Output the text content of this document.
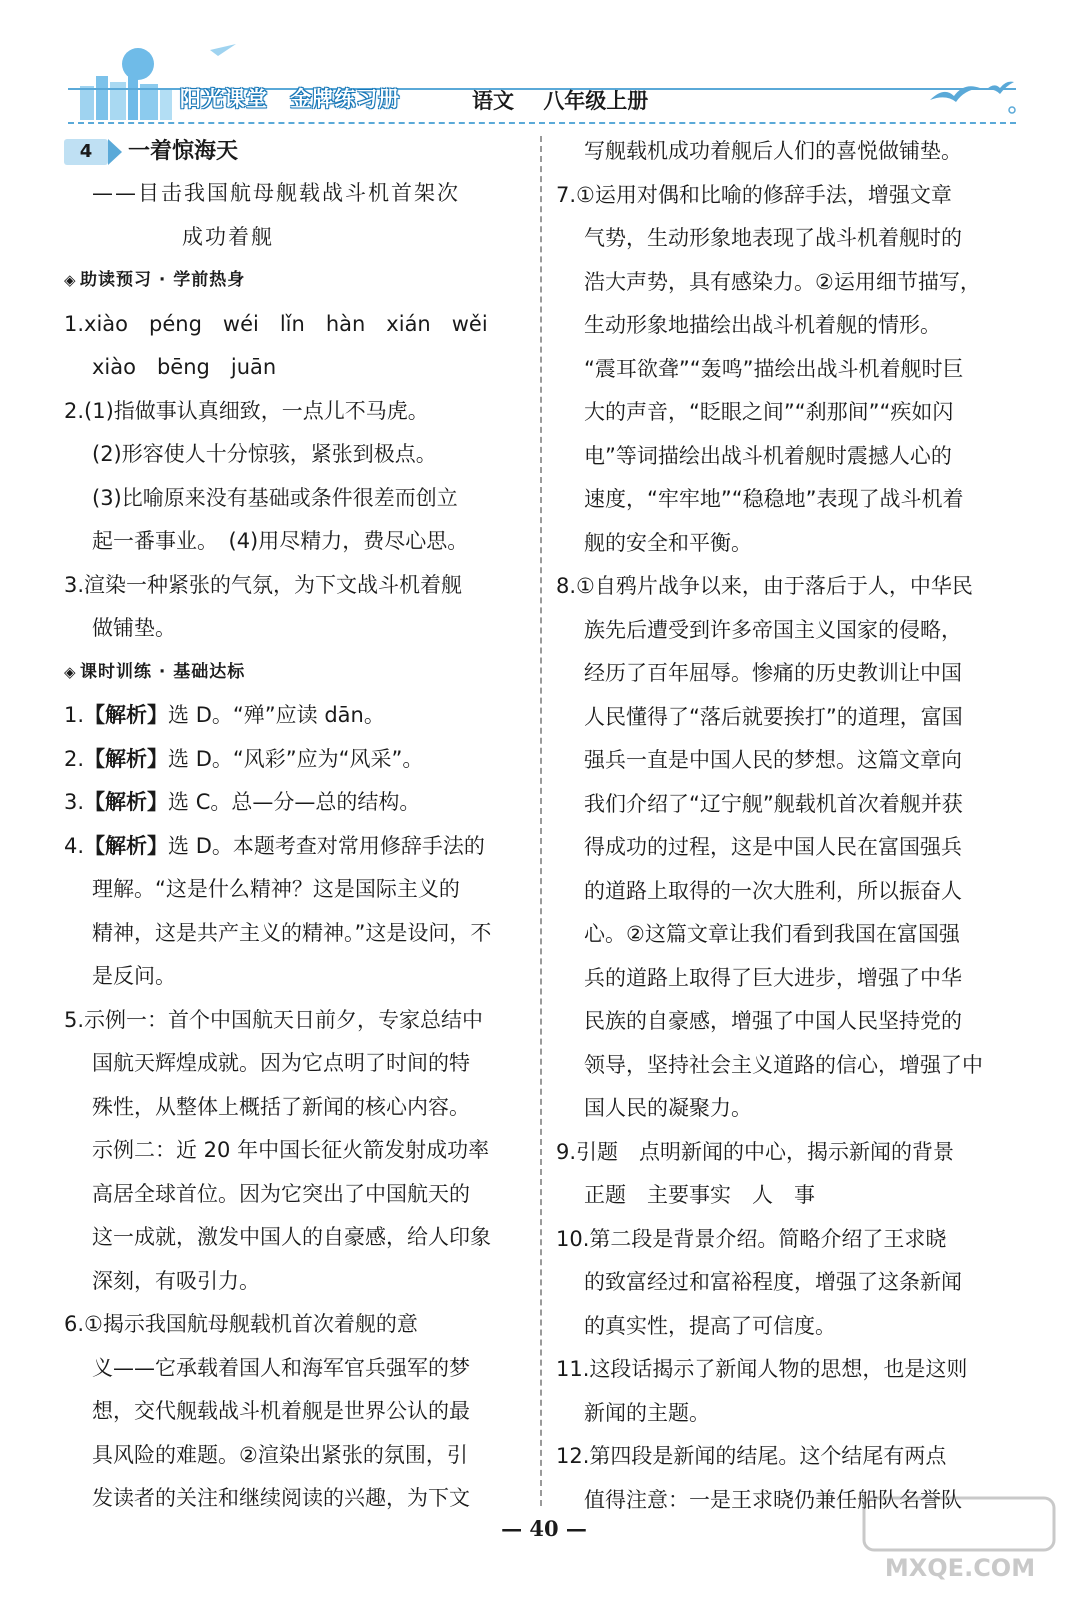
阳光课堂 金牌练习册	语文 八年级上册
4	一着惊海天

——目击我国航母舰载战斗机首架次

成功着舰

◈ 助读预习 · 学前热身

1.xiào　péng　wéi　lǐn　hàn　xián　wěi

xiào　bēng　juān

2.(1)指做事认真细致，一点儿不马虎。

(2)形容使人十分惊骇，紧张到极点。

(3)比喻原来没有基础或条件很差而创立

起一番事业。　(4)用尽精力，费尽心思。

3.渲染一种紧张的气氛，为下文战斗机着舰

做铺垫。

◈ 课时训练 · 基础达标

1.【解析】选 D。“殚”应读 dān。

2.【解析】选 D。“风彩”应为“风采”。

3.【解析】选 C。总—分—总的结构。

4.【解析】选 D。本题考查对常用修辞手法的

理解。“这是什么精神？这是国际主义的

精神，这是共产主义的精神。”这是设问，不

是反问。

5.示例一：首个中国航天日前夕，专家总结中

国航天辉煌成就。因为它点明了时间的特

殊性，从整体上概括了新闻的核心内容。

示例二：近 20 年中国长征火箭发射成功率

高居全球首位。因为它突出了中国航天的

这一成就，激发中国人的自豪感，给人印象

深刻，有吸引力。

6.①揭示我国航母舰载机首次着舰的意

义——它承载着国人和海军官兵强军的梦

想，交代舰载战斗机着舰是世界公认的最

具风险的难题。②渲染出紧张的氛围，引

发读者的关注和继续阅读的兴趣，为下文

写舰载机成功着舰后人们的喜悦做铺垫。

7.①运用对偶和比喻的修辞手法，增强文章

气势，生动形象地表现了战斗机着舰时的

浩大声势，具有感染力。②运用细节描写，

生动形象地描绘出战斗机着舰的情形。

“震耳欲聋”“轰鸣”描绘出战斗机着舰时巨

大的声音，“眨眼之间”“刹那间”“疾如闪

电”等词描绘出战斗机着舰时震撼人心的

速度，“牢牢地”“稳稳地”表现了战斗机着

舰的安全和平衡。

8.①自鸦片战争以来，由于落后于人，中华民

族先后遭受到许多帝国主义国家的侵略，

经历了百年屈辱。惨痛的历史教训让中国

人民懂得了“落后就要挨打”的道理，富国

强兵一直是中国人民的梦想。这篇文章向

我们介绍了“辽宁舰”舰载机首次着舰并获

得成功的过程，这是中国人民在富国强兵

的道路上取得的一次大胜利，所以振奋人

心。②这篇文章让我们看到我国在富国强

兵的道路上取得了巨大进步，增强了中华

民族的自豪感，增强了中国人民坚持党的

领导，坚持社会主义道路的信心，增强了中

国人民的凝聚力。

9.引题　点明新闻的中心，揭示新闻的背景

正题　主要事实　人　事

10.第二段是背景介绍。简略介绍了王求晓

的致富经过和富裕程度，增强了这条新闻

的真实性，提高了可信度。

11.这段话揭示了新闻人物的思想，也是这则

新闻的主题。

12.第四段是新闻的结尾。这个结尾有两点

值得注意：一是王求晓仍兼任船队名誉队

— 40 —
MXQE.COM
